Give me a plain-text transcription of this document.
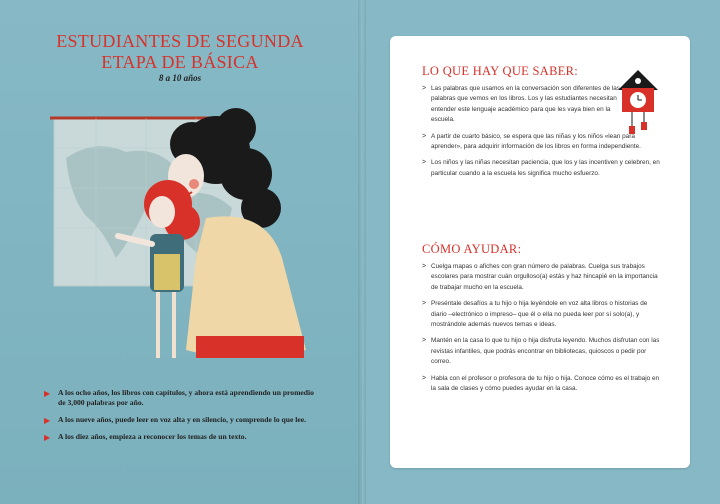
ESTUDIANTES DE SEGUNDA ETAPA DE BÁSICA
8 a 10 años
▶	A los ocho años, los libros con capítulos, y ahora está aprendiendo un promedio de 3,000 palabras por año.
▶	A los nueve años, puede leer en voz alta y en silencio, y comprende lo que lee.
▶	A los diez años, empieza a reconocer los temas de un texto.
LO QUE HAY QUE SABER:
> Las palabras que usamos en la conversación son diferentes de las palabras que vemos en los libros. Los y las estudiantes necesitan entender este lenguaje académico para que les vaya bien en la escuela.
> A partir de cuarto básico, se espera que las niñas y los niños «lean para aprender», para adquirir información de los libros en forma independiente.
> Los niños y las niñas necesitan paciencia, que los y las incentiven y celebren, en particular cuando a la escuela les significa mucho esfuerzo.
CÓMO AYUDAR:
> Cuelga mapas o afiches con gran número de palabras. Cuelga sus trabajos escolares para mostrar cuán orgulloso(a) estás y haz hincapié en la importancia de trabajar mucho en la escuela.
> Preséntale desafíos a tu hijo o hija leyéndole en voz alta libros o historias de diario –electrónico o impreso– que él o ella no pueda leer por sí solo(a), y mostrándole además nuevos temas e ideas.
> Mantén en la casa lo que tu hijo o hija disfruta leyendo. Muchos disfrutan con las revistas infantiles, que podrás encontrar en bibliotecas, quioscos o pedir por correo.
> Habla con el profesor o profesora de tu hijo o hija. Conoce cómo es el trabajo en la sala de clases y cómo puedes ayudar en la casa.
